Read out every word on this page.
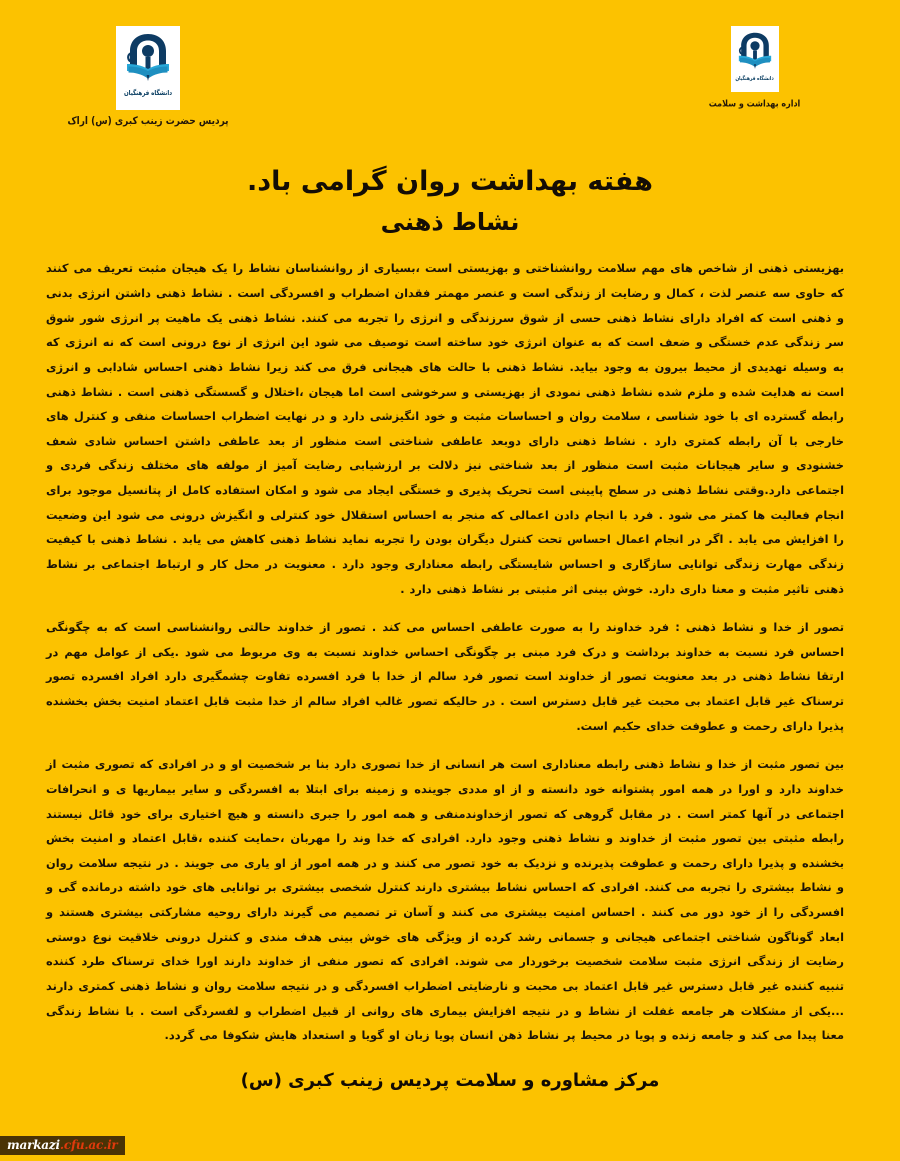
دانشگاه فرهنگیان
پردیس حضرت زینب کبری (س) اراک
دانشگاه فرهنگیان
اداره بهداشت و سلامت
هفته بهداشت روان گرامی باد.
نشاط ذهنی

بهزیستی ذهنی از شاخص های مهم سلامت روانشناختی و بهزیستی است ،بسیاری از روانشناسان نشاط را یک هیجان مثبت تعریف می کنند که حاوی سه عنصر لذت ، کمال و رضایت از زندگی است و عنصر مهمتر فقدان اضطراب و افسردگی است . نشاط ذهنی داشتن انرژی بدنی و ذهنی است که افراد دارای نشاط ذهنی حسی از شوق سرزندگی و انرژی را تجربه می کنند. نشاط ذهنی یک ماهیت پر انرژی شور شوق سر زندگی عدم خستگی و ضعف است که به عنوان انرژی خود ساخته است توصیف می شود این انرژی از نوع درونی است که نه انرژی که به وسیله تهدیدی از محیط بیرون به وجود بیاید. نشاط ذهنی با حالت های هیجانی فرق می کند زیرا نشاط ذهنی احساس شادابی و انرژی است نه هدایت شده و ملزم شده نشاط ذهنی نمودی از بهزیستی و سرخوشی است اما هیجان ،اختلال و گسستگی ذهنی است . نشاط ذهنی رابطه گسترده ای با خود شناسی ، سلامت روان و احساسات مثبت و خود انگیزشی دارد و در نهایت اضطراب احساسات منفی و کنترل های خارجی با آن رابطه کمتری دارد . نشاط ذهنی دارای دوبعد عاطفی شناختی است منظور از بعد عاطفی داشتن احساس شادی شعف خشنودی و سایر هیجانات مثبت است منظور از بعد شناختی نیز دلالت بر ارزشیابی رضایت آمیز از مولفه های مختلف زندگی فردی و اجتماعی دارد.وقتی نشاط ذهنی در سطح پایینی است تحریک پذیری و خستگی ایجاد می شود و امکان استفاده کامل از پتانسیل موجود برای انجام فعالیت ها کمتر می شود . فرد با انجام دادن اعمالی که منجر به احساس استقلال خود کنترلی و انگیزش درونی می شود این وضعیت را افزایش می یابد . اگر در انجام اعمال احساس تحت کنترل دیگران بودن را تجربه نماید نشاط ذهنی کاهش می یابد . نشاط ذهنی با کیفیت زندگی مهارت زندگی توانایی سازگاری و احساس شایستگی رابطه معناداری وجود دارد . معنویت در محل کار و ارتباط اجتماعی بر نشاط ذهنی تاثیر مثبت و معنا داری دارد. خوش بینی اثر مثبتی بر نشاط ذهنی دارد .

تصور از خدا و نشاط ذهنی : فرد خداوند را به صورت عاطفی احساس می کند . تصور از خداوند حالتی روانشناسی است که به چگونگی احساس فرد نسبت به خداوند برداشت و درک فرد مبنی بر چگونگی احساس خداوند نسبت به وی مربوط می شود .یکی از عوامل مهم در ارتقا نشاط ذهنی در بعد معنویت تصور از خداوند است تصور فرد سالم از خدا با فرد افسرده تفاوت چشمگیری دارد افراد افسرده تصور ترسناک غیر قابل اعتماد بی محبت غیر قابل دسترس است . در حالیکه تصور غالب افراد سالم از خدا مثبت قابل اعتماد امنیت بخش بخشنده پذیرا دارای رحمت و عطوفت خدای حکیم است.

بین تصور مثبت از خدا و نشاط ذهنی رابطه معناداری است هر انسانی از خدا تصوری دارد بنا بر شخصیت او و در افرادی که تصوری مثبت از خداوند دارد و اورا در همه امور پشتوانه خود دانسته و از او مددی جوینده و زمینه برای ابتلا به افسردگی و سایر بیماریها ی و انحرافات اجتماعی در آنها کمتر است . در مقابل گروهی که تصور ازخداوندمنفی و همه امور را جبری دانسته و هیچ اختیاری برای خود قائل نیستند رابطه مثبتی بین تصور مثبت از خداوند و نشاط ذهنی وجود دارد. افرادی که خدا وند را مهربان ،حمایت کننده ،قابل اعتماد و امنیت بخش بخشنده و پذیرا دارای رحمت و عطوفت پذیرنده و نزدیک به خود تصور می کنند و در همه امور از او یاری می جویند . در نتیجه سلامت روان و نشاط بیشتری را تجربه می کنند. افرادی که احساس نشاط بیشتری دارند کنترل شخصی بیشتری بر توانایی های خود داشته درمانده گی و افسردگی را از خود دور می کنند . احساس امنیت بیشتری می کنند و آسان تر تصمیم می گیرند دارای روحیه مشارکتی بیشتری هستند و ابعاد گوناگون شناختی اجتماعی هیجانی و جسمانی رشد کرده از ویژگی های خوش بینی هدف مندی و کنترل درونی خلاقیت نوع دوستی رضایت از زندگی انرژی مثبت سلامت شخصیت برخوردار می شوند. افرادی که تصور منفی از خداوند دارند اورا خدای ترسناک طرد کننده تنبیه کننده غیر قابل دسترس غیر قابل اعتماد بی محبت و نارضایتی اضطراب افسردگی و در نتیجه سلامت روان و نشاط ذهنی کمتری دارند ...یکی از مشکلات هر جامعه غفلت از نشاط و در نتیجه افزایش بیماری های روانی از قبیل اضطراب و لفسردگی است . با نشاط زندگی معنا پیدا می کند و جامعه زنده و پویا در محیط پر نشاط ذهن انسان پویا زبان او گویا و استعداد هایش شکوفا می گردد.

مرکز مشاوره و سلامت پردیس زینب کبری (س)
markazi.cfu.ac.ir
